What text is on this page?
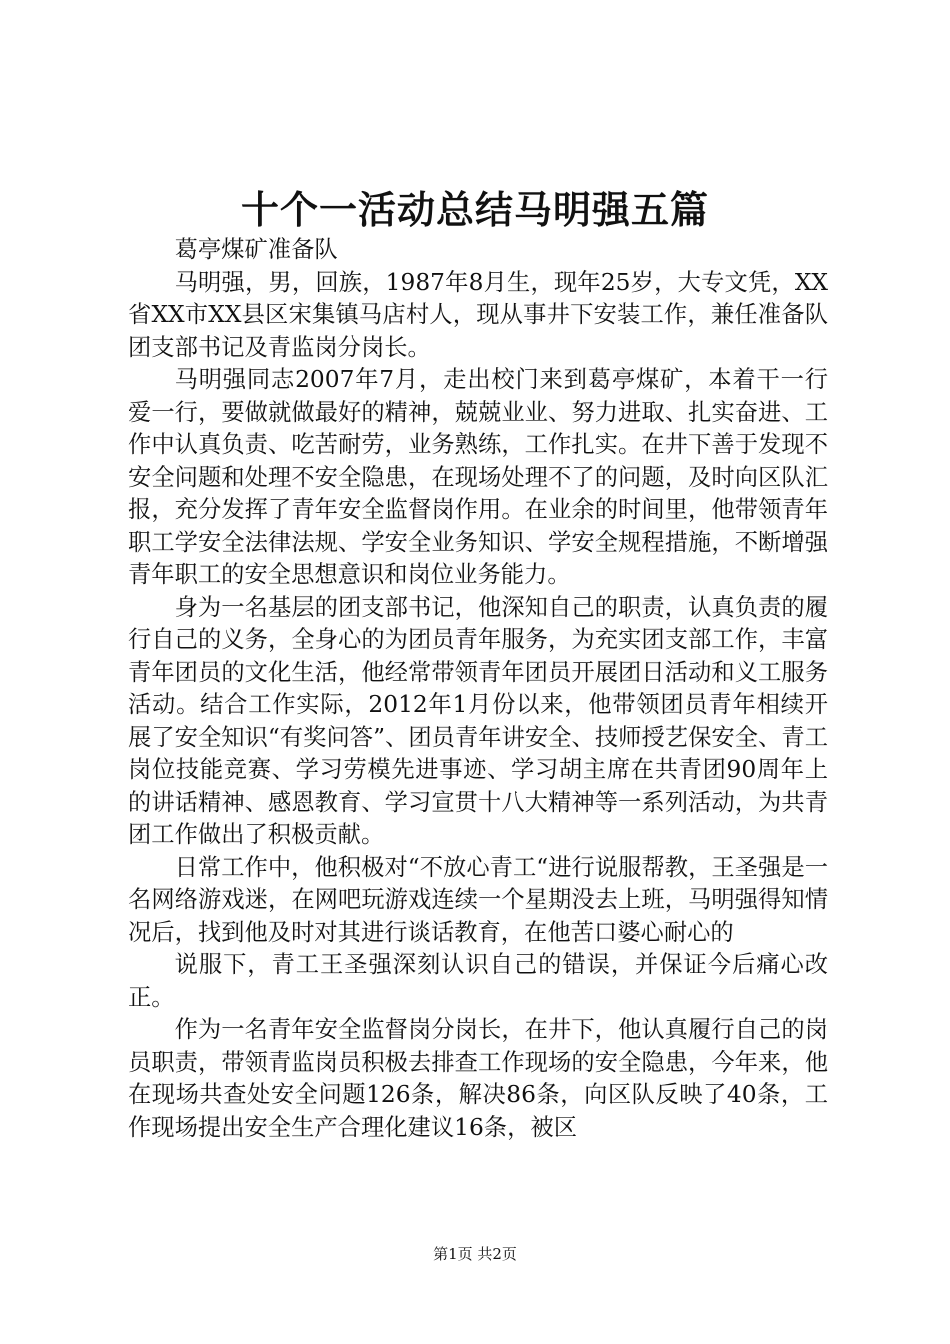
十个一活动总结马明强五篇

葛亭煤矿准备队

马明强，男，回族，1987年8月生，现年25岁，大专文凭，XX省XX市XX县区宋集镇马店村人，现从事井下安装工作，兼任准备队团支部书记及青监岗分岗长。

马明强同志2007年7月，走出校门来到葛亭煤矿，本着干一行爱一行，要做就做最好的精神，兢兢业业、努力进取、扎实奋进、工作中认真负责、吃苦耐劳，业务熟练，工作扎实。在井下善于发现不安全问题和处理不安全隐患，在现场处理不了的问题，及时向区队汇报，充分发挥了青年安全监督岗作用。在业余的时间里，他带领青年职工学安全法律法规、学安全业务知识、学安全规程措施，不断增强青年职工的安全思想意识和岗位业务能力。

身为一名基层的团支部书记，他深知自己的职责，认真负责的履行自己的义务，全身心的为团员青年服务，为充实团支部工作，丰富青年团员的文化生活，他经常带领青年团员开展团日活动和义工服务活动。结合工作实际，2012年1月份以来，他带领团员青年相续开展了安全知识“有奖问答”、团员青年讲安全、技师授艺保安全、青工岗位技能竞赛、学习劳模先进事迹、学习胡主席在共青团90周年上的讲话精神、感恩教育、学习宣贯十八大精神等一系列活动，为共青团工作做出了积极贡献。

日常工作中，他积极对“不放心青工“进行说服帮教，王圣强是一名网络游戏迷，在网吧玩游戏连续一个星期没去上班，马明强得知情况后，找到他及时对其进行谈话教育，在他苦口婆心耐心的

说服下，青工王圣强深刻认识自己的错误，并保证今后痛心改正。

作为一名青年安全监督岗分岗长，在井下，他认真履行自己的岗员职责，带领青监岗员积极去排查工作现场的安全隐患，今年来，他在现场共查处安全问题126条，解决86条，向区队反映了40条，工作现场提出安全生产合理化建议16条，被区

第1页 共2页
